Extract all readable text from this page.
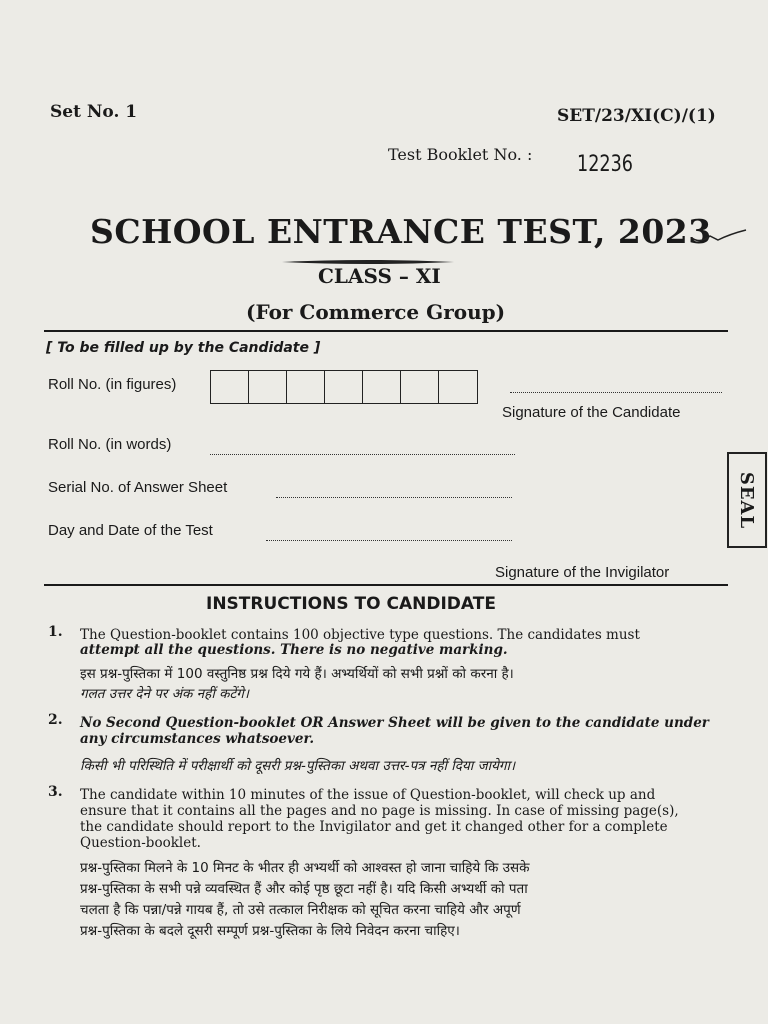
Set No. 1	SET/23/XI(C)/(1)
Test Booklet No. : 12236
SCHOOL ENTRANCE TEST, 2023
CLASS – XI
(For Commerce Group)
[ To be filled up by the Candidate ]
Roll No. (in figures)
Signature of the Candidate
Roll No. (in words)
Serial No. of Answer Sheet
Day and Date of the Test
SEAL
Signature of the Invigilator
INSTRUCTIONS TO CANDIDATE
1. The Question-booklet contains 100 objective type questions. The candidates must
attempt all the questions. There is no negative marking.
इस प्रश्न-पुस्तिका में 100 वस्तुनिष्ठ प्रश्न दिये गये हैं। अभ्यर्थियों को सभी प्रश्नों को करना है।
गलत उत्तर देने पर अंक नहीं कटेंगे।
2. No Second Question-booklet OR Answer Sheet will be given to the candidate under
any circumstances whatsoever.
किसी भी परिस्थिति में परीक्षार्थी को दूसरी प्रश्न-पुस्तिका अथवा उत्तर-पत्र नहीं दिया जायेगा।
3. The candidate within 10 minutes of the issue of Question-booklet, will check up and
ensure that it contains all the pages and no page is missing. In case of missing page(s),
the candidate should report to the Invigilator and get it changed other for a complete
Question-booklet.
प्रश्न-पुस्तिका मिलने के 10 मिनट के भीतर ही अभ्यर्थी को आश्वस्त हो जाना चाहिये कि उसके
प्रश्न-पुस्तिका के सभी पन्ने व्यवस्थित हैं और कोई पृष्ठ छूटा नहीं है। यदि किसी अभ्यर्थी को पता
चलता है कि पन्ना/पन्ने गायब हैं, तो उसे तत्काल निरीक्षक को सूचित करना चाहिये और अपूर्ण
प्रश्न-पुस्तिका के बदले दूसरी सम्पूर्ण प्रश्न-पुस्तिका के लिये निवेदन करना चाहिए।
